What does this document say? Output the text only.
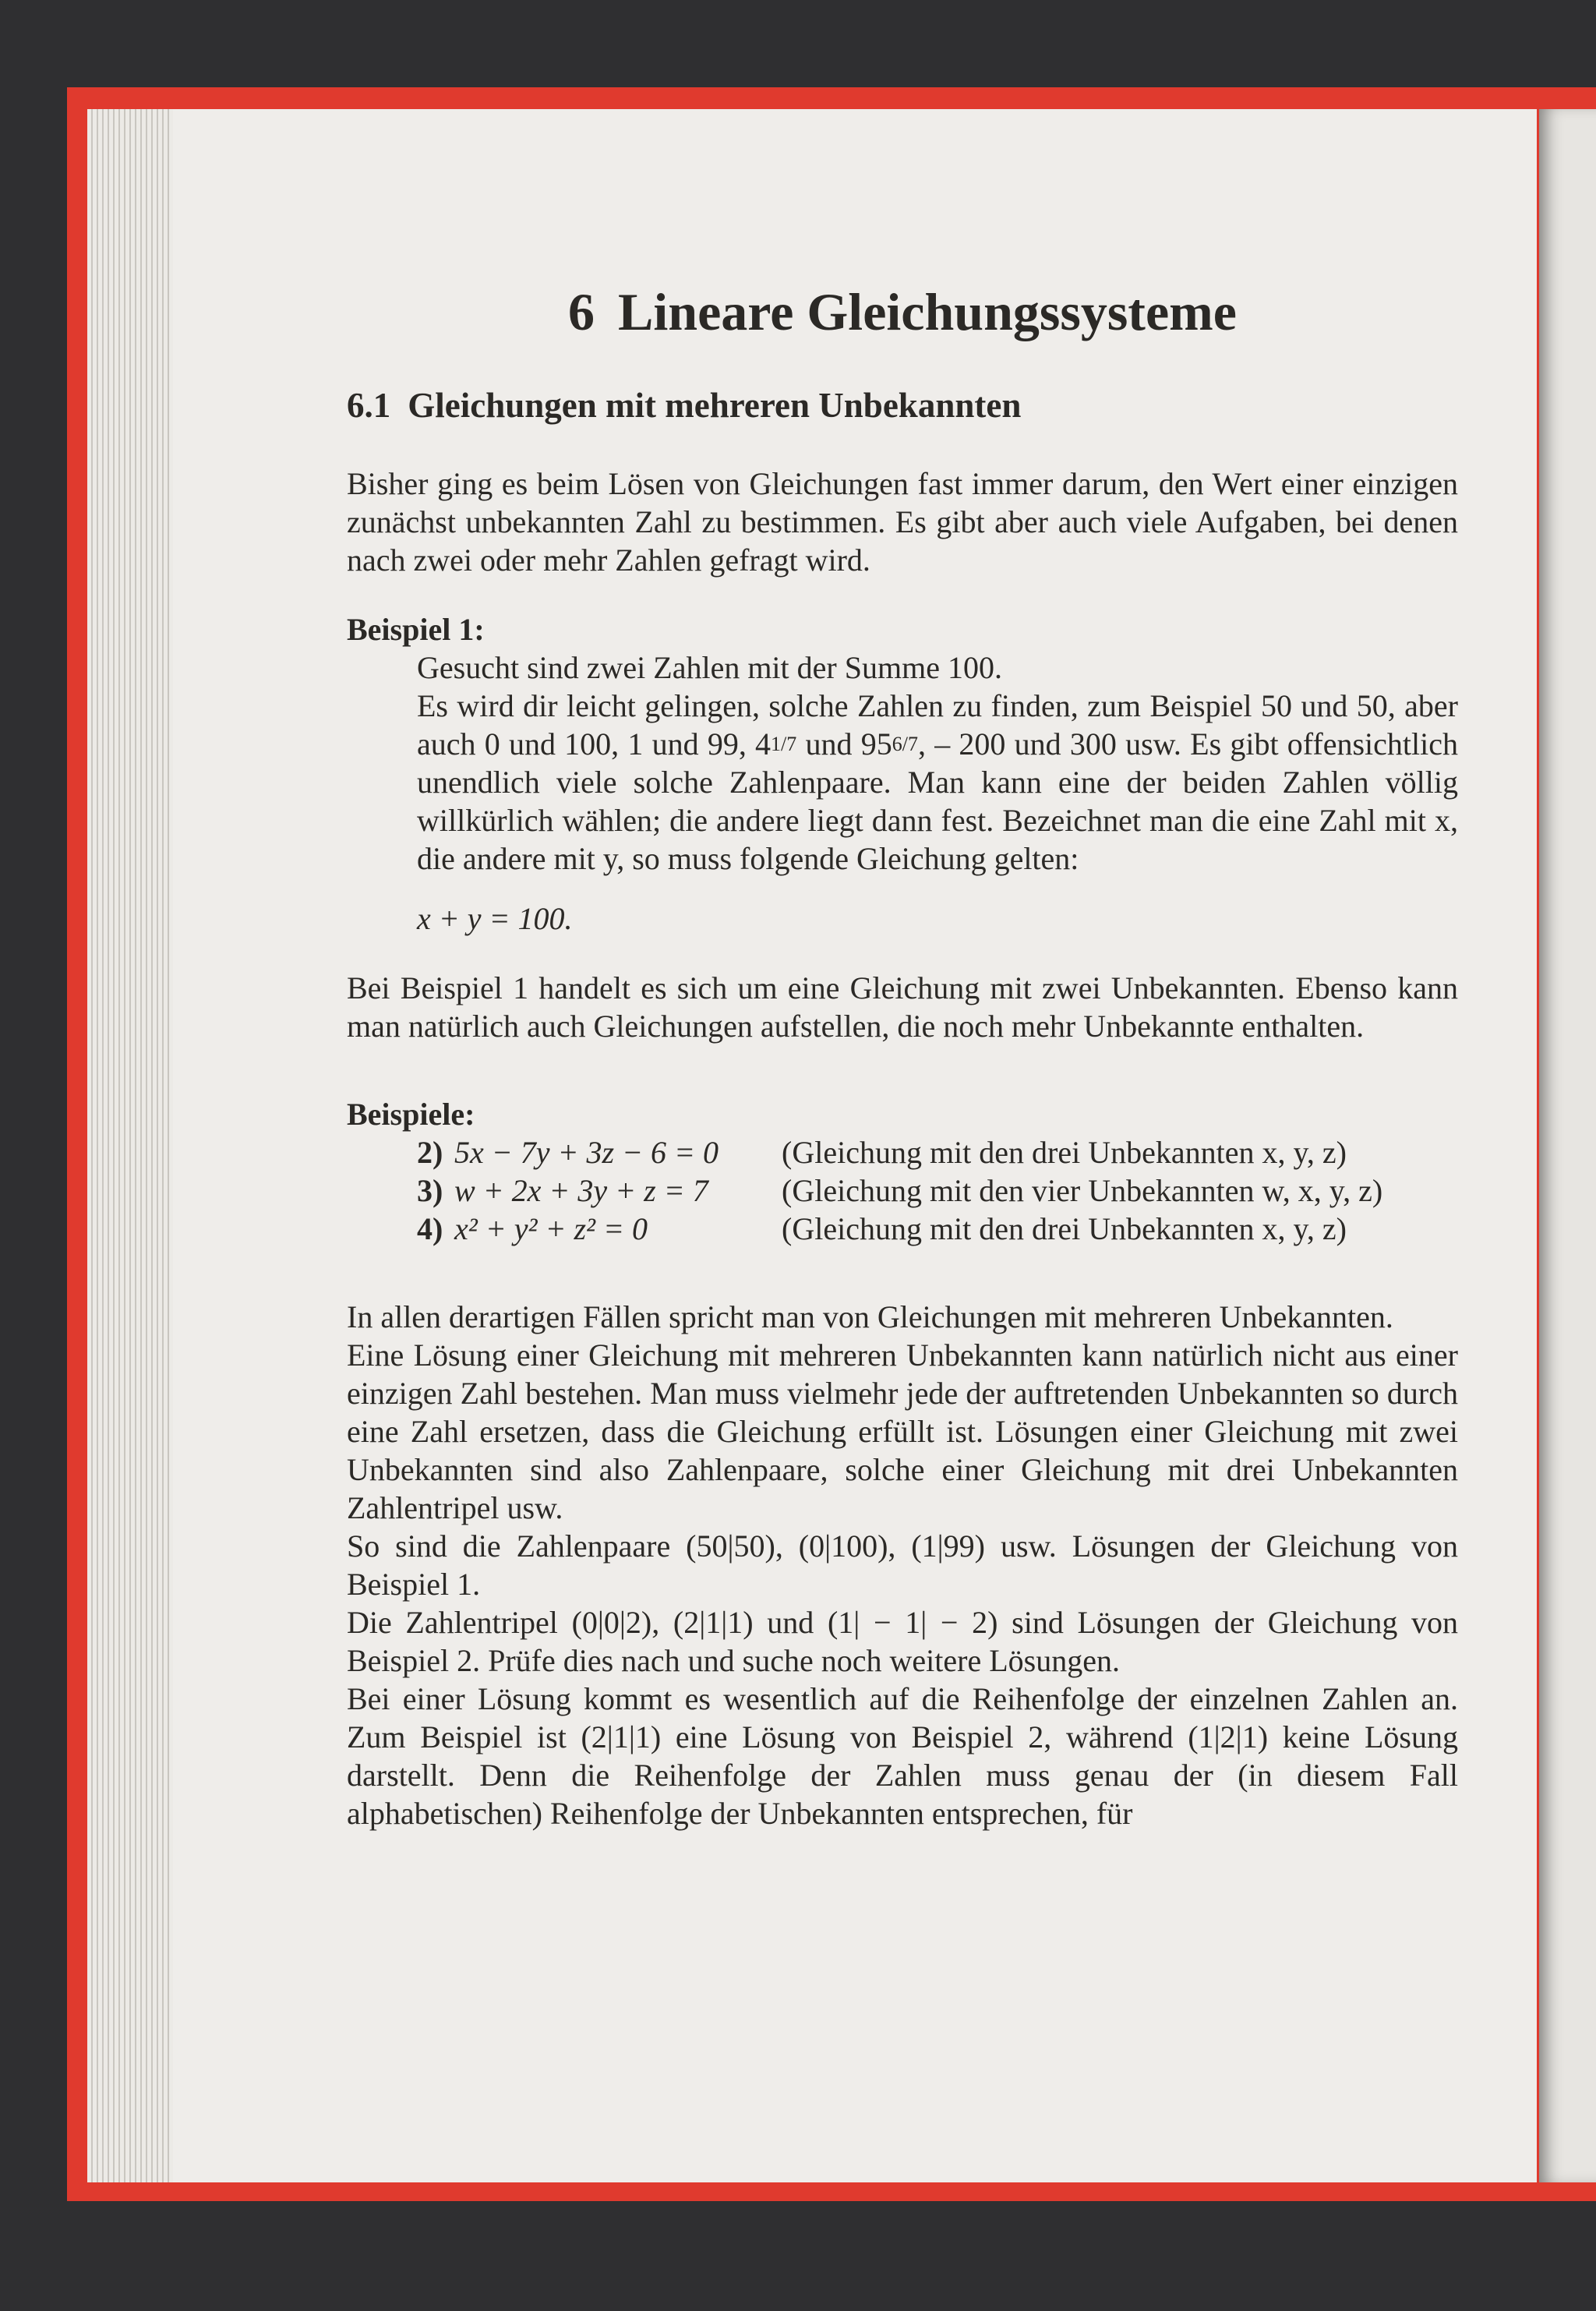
6 Lineare Gleichungssysteme
6.1 Gleichungen mit mehreren Unbekannten

Bisher ging es beim Lösen von Gleichungen fast immer darum, den Wert einer einzigen zunächst unbekannten Zahl zu bestimmen. Es gibt aber auch viele Aufgaben, bei denen nach zwei oder mehr Zahlen gefragt wird.

Beispiel 1:

Gesucht sind zwei Zahlen mit der Summe 100.

Es wird dir leicht gelingen, solche Zahlen zu finden, zum Beispiel 50 und 50, aber auch 0 und 100, 1 und 99, $4^{1/7}$ und $95^{6/7}$, – 200 und 300 usw. Es gibt offensichtlich unendlich viele solche Zahlenpaare. Man kann eine der beiden Zahlen völlig willkürlich wählen; die andere liegt dann fest. Bezeichnet man die eine Zahl mit x, die andere mit y, so muss folgende Gleichung gelten:

x + y = 100.

Bei Beispiel 1 handelt es sich um eine Gleichung mit zwei Unbekannten. Ebenso kann man natürlich auch Gleichungen aufstellen, die noch mehr Unbekannte enthalten.

Beispiele:

2)	5x − 7y + 3z − 6 = 0	(Gleichung mit den drei Unbekannten x, y, z)
3)	w + 2x + 3y + z = 7	(Gleichung mit den vier Unbekannten w, x, y, z)
4)	x² + y² + z² = 0	(Gleichung mit den drei Unbekannten x, y, z)

In allen derartigen Fällen spricht man von Gleichungen mit mehreren Unbekannten.

Eine Lösung einer Gleichung mit mehreren Unbekannten kann natürlich nicht aus einer einzigen Zahl bestehen. Man muss vielmehr jede der auftretenden Unbekannten so durch eine Zahl ersetzen, dass die Gleichung erfüllt ist. Lösungen einer Gleichung mit zwei Unbekannten sind also Zahlenpaare, solche einer Gleichung mit drei Unbekannten Zahlentripel usw.

So sind die Zahlenpaare (50|50), (0|100), (1|99) usw. Lösungen der Gleichung von Beispiel 1.

Die Zahlentripel (0|0|2), (2|1|1) und (1| − 1| − 2) sind Lösungen der Gleichung von Beispiel 2. Prüfe dies nach und suche noch weitere Lösungen.

Bei einer Lösung kommt es wesentlich auf die Reihenfolge der einzelnen Zahlen an. Zum Beispiel ist (2|1|1) eine Lösung von Beispiel 2, während (1|2|1) keine Lösung darstellt. Denn die Reihenfolge der Zahlen muss genau der (in diesem Fall alphabetischen) Reihenfolge der Unbekannten entsprechen, für
